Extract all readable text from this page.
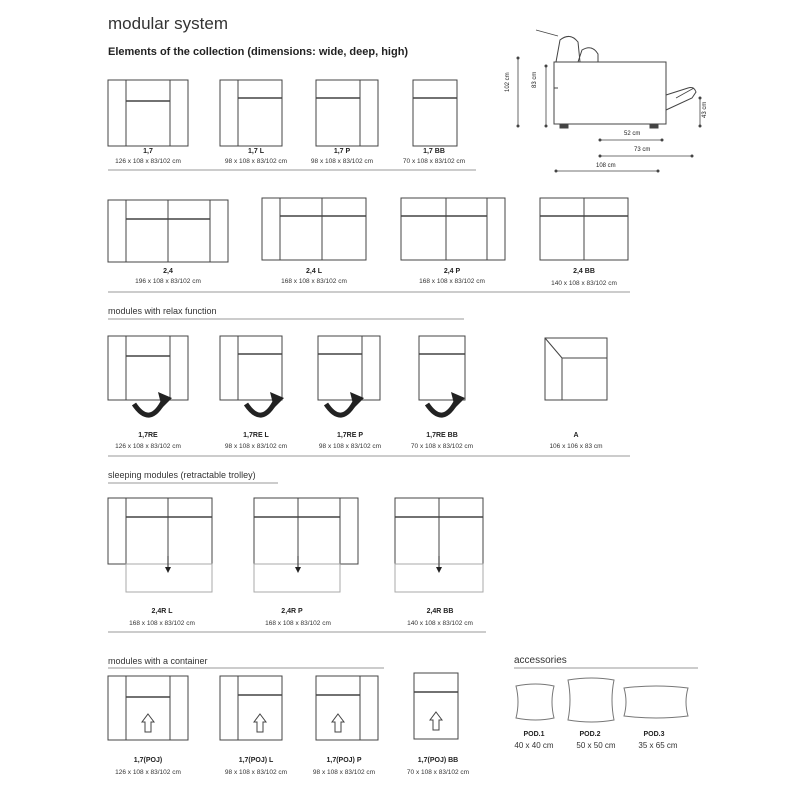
modular system
Elements of the collection (dimensions: wide, deep, high)
102 cm	83 cm
43 cm
52 cm
73 cm
108 cm
modules with relax function
sleeping modules (retractable trolley)
modules with a container	accessories
1,7
126 x 108 x 83/102 cm
1,7 L
98 x 108 x 83/102 cm
1,7 P
98 x 108 x 83/102 cm
1,7 BB
70 x 108 x 83/102 cm
2,4
196 x 108 x 83/102 cm
2,4 L
168 x 108 x 83/102 cm
2,4 P
168 x 108 x 83/102 cm
2,4 BB
140 x 108 x 83/102 cm
1,7RE
126 x 108 x 83/102 cm
1,7RE L
98 x 108 x 83/102 cm
1,7RE P
98 x 108 x 83/102 cm
1,7RE BB
70 x 108 x 83/102 cm
A
106 x 106 x 83 cm
2,4R L
168 x 108 x 83/102 cm
2,4R P
168 x 108 x 83/102 cm
2,4R BB
140 x 108 x 83/102 cm
1,7(POJ)
126 x 108 x 83/102 cm
1,7(POJ) L
98 x 108 x 83/102 cm
1,7(POJ) P
98 x 108 x 83/102 cm
1,7(POJ) BB
70 x 108 x 83/102 cm
POD.1
40 x 40 cm
POD.2
50 x 50 cm
POD.3
35 x 65 cm
